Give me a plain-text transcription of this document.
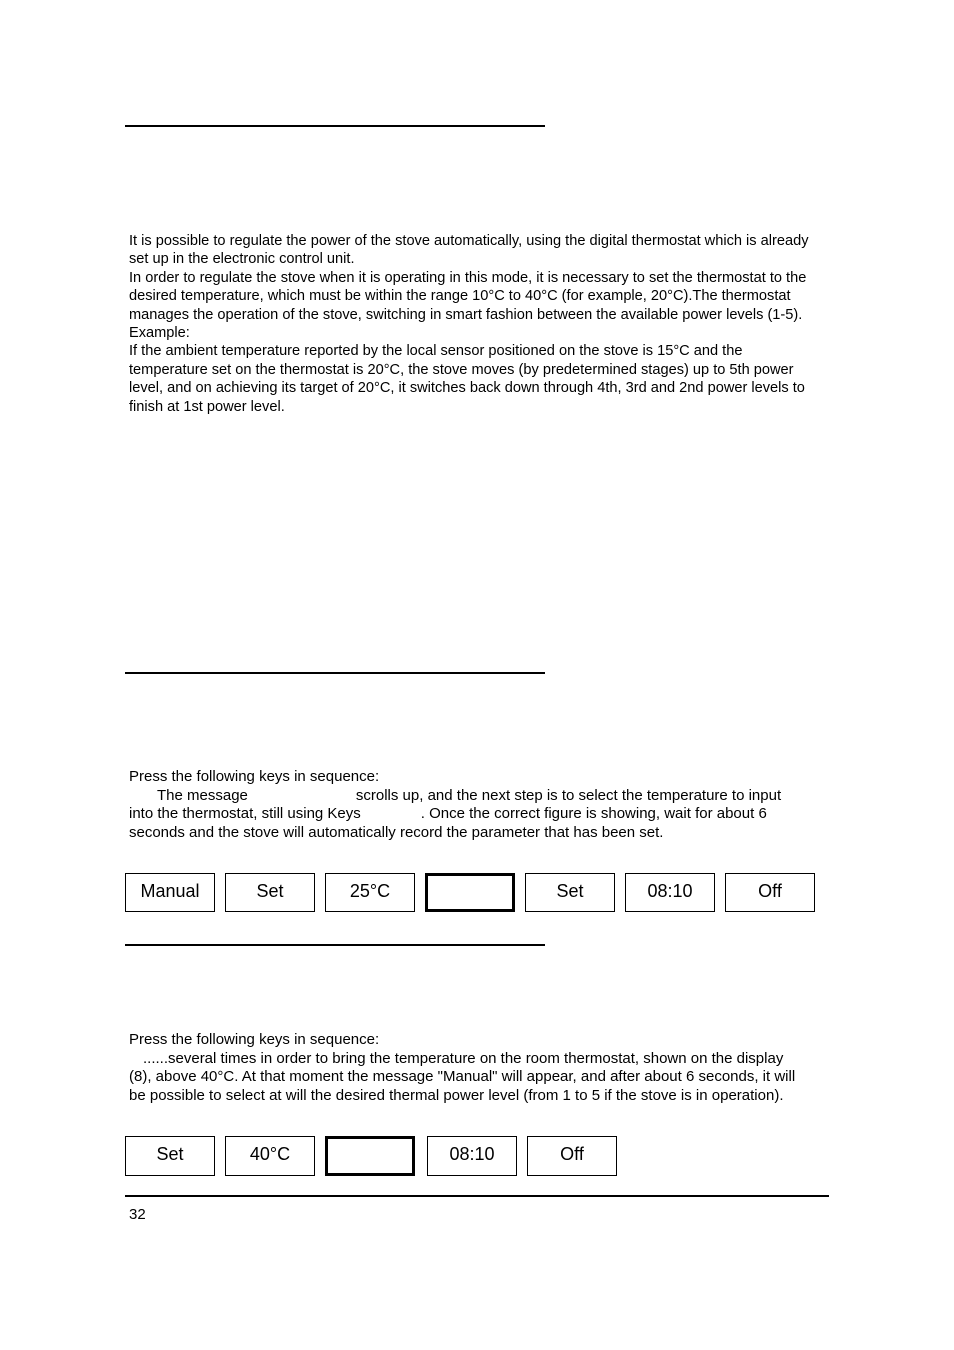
It is possible to regulate the power of the stove automatically, using the digital thermostat which is already

set up in the electronic control unit.

In order to regulate the stove when it is operating in this mode, it is necessary to set the thermostat to the

desired temperature, which must be within the range 10°C to 40°C (for example, 20°C).The thermostat

manages the operation of the stove, switching in smart fashion between the available power levels (1-5).

Example:

If the ambient temperature reported by the local sensor positioned on the stove is 15°C and the

temperature set on the thermostat is 20°C, the stove moves (by predetermined stages) up to 5th power

level, and on achieving its target of 20°C, it switches back down through 4th, 3rd and 2nd power levels to

finish at 1st power level.

Press the following keys in sequence:

The message	scrolls up, and the next step is to select the temperature to input

into the thermostat, still using Keys	. Once the correct figure is showing, wait for about 6

seconds and the stove will automatically record the parameter that has been set.

Manual	Set	25°C	Set	08:10	Off

Press the following keys in sequence:

......several times in order to bring the temperature on the room thermostat, shown on the display

(8), above 40°C. At that moment the message "Manual" will appear, and after about 6 seconds, it will

be possible to select at will the desired thermal power level (from 1 to 5 if the stove is in operation).

Set	40°C	08:10	Off
32
